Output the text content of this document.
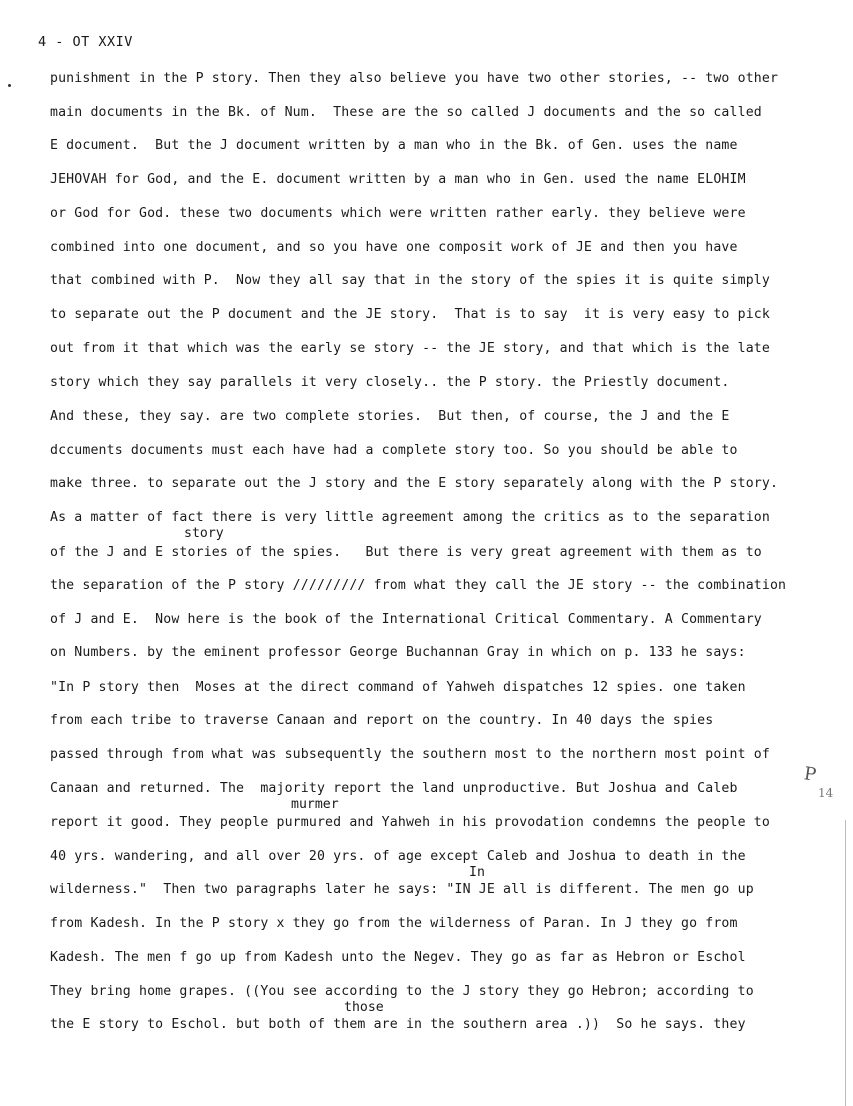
4 - OT XXIV
punishment in the P story. Then they also believe you have two other stories, -- two other
main documents in the Bk. of Num.  These are the so called J documents and the so called
E document.  But the J document written by a man who in the Bk. of Gen. uses the name
JEHOVAH for God, and the E. document written by a man who in Gen. used the name ELOHIM
or God for God. these two documents which were written rather early. they believe were
combined into one document, and so you have one composit work of JE and then you have
that combined with P.  Now they all say that in the story of the spies it is quite simply
to separate out the P document and the JE story.  That is to say  it is very easy to pick
out from it that which was the early se story -- the JE story, and that which is the late
story which they say parallels it very closely.. the P story. the Priestly document.
And these, they say. are two complete stories.  But then, of course, the J and the E
dccuments documents must each have had a complete story too. So you should be able to
make three. to separate out the J story and the E story separately along with the P story.
As a matter of fact there is very little agreement among the critics as to the separation
of the J and E stories of the spies.   But there is very great agreement with them as to
the separation of the P story ///////// from what they call the JE story -- the combination
of J and E.  Now here is the book of the International Critical Commentary. A Commentary
on Numbers. by the eminent professor George Buchannan Gray in which on p. 133 he says:
"In P story then  Moses at the direct command of Yahweh dispatches 12 spies. one taken
from each tribe to traverse Canaan and report on the country. In 40 days the spies
passed through from what was subsequently the southern most to the northern most point of
Canaan and returned. The  majority report the land unproductive. But Joshua and Caleb
report it good. They people purmured and Yahweh in his provodation condemns the people to
40 yrs. wandering, and all over 20 yrs. of age except Caleb and Joshua to death in the
wilderness."  Then two paragraphs later he says: "IN JE all is different. The men go up
from Kadesh. In the P story x they go from the wilderness of Paran. In J they go from
Kadesh. The men f go up from Kadesh unto the Negev. They go as far as Hebron or Eschol
They bring home grapes. ((You see according to the J story they go Hebron; according to
the E story to Eschol. but both of them are in the southern area .))  So he says. they
story
murmer
In
those
P
14
